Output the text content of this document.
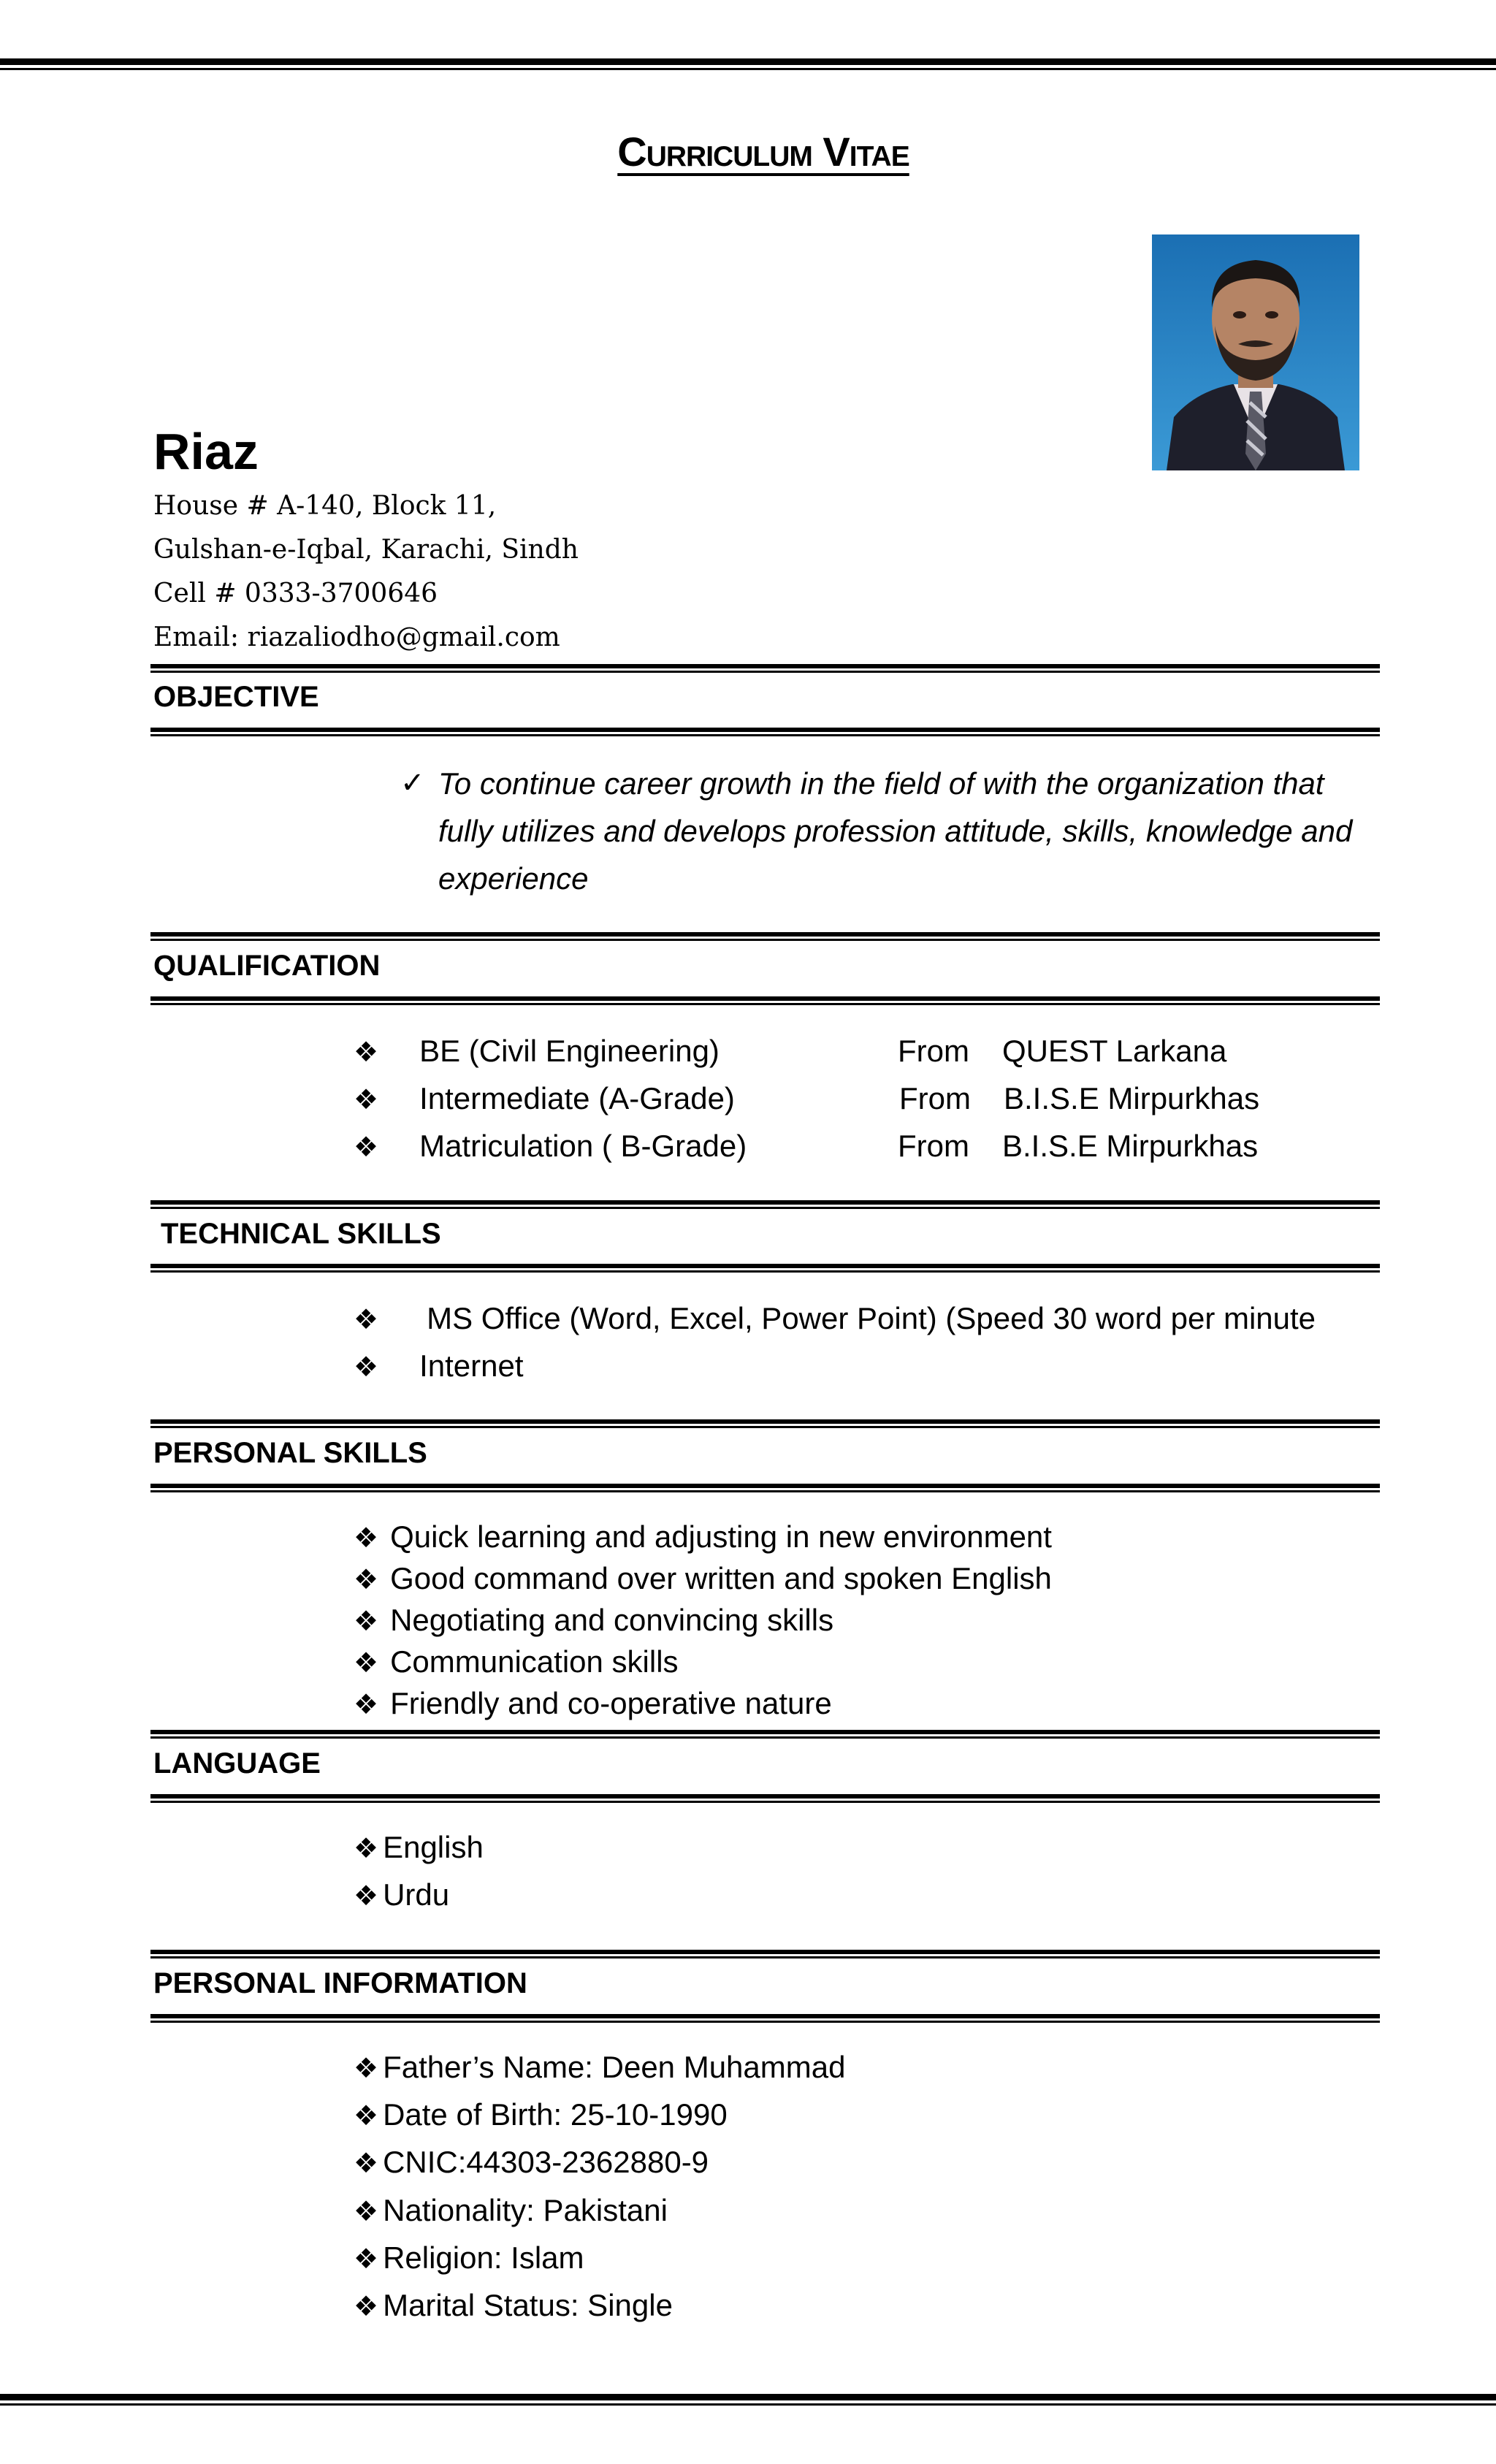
Curriculum Vitae
Riaz
House # A-140, Block 11,
Gulshan-e-Iqbal, Karachi, Sindh
Cell # 0333-3700646
Email: riazaliodho@gmail.com
OBJECTIVE
✓ To continue career growth in the field of with the organization that fully utilizes and develops profession attitude, skills, knowledge and experience
QUALIFICATION
❖ BE (Civil Engineering)	From QUEST Larkana
❖ Intermediate (A-Grade)	From B.I.S.E Mirpurkhas
❖ Matriculation ( B-Grade)	From B.I.S.E Mirpurkhas
TECHNICAL SKILLS
❖ MS Office (Word, Excel, Power Point) (Speed 30 word per minute
❖ Internet
PERSONAL SKILLS
❖ Quick learning and adjusting in new environment
❖ Good command over written and spoken English
❖ Negotiating and convincing skills
❖ Communication skills
❖ Friendly and co-operative nature
LANGUAGE
❖ English
❖ Urdu
PERSONAL INFORMATION
❖ Father’s Name: Deen Muhammad
❖ Date of Birth: 25-10-1990
❖ CNIC:44303-2362880-9
❖ Nationality: Pakistani
❖ Religion: Islam
❖ Marital Status: Single
